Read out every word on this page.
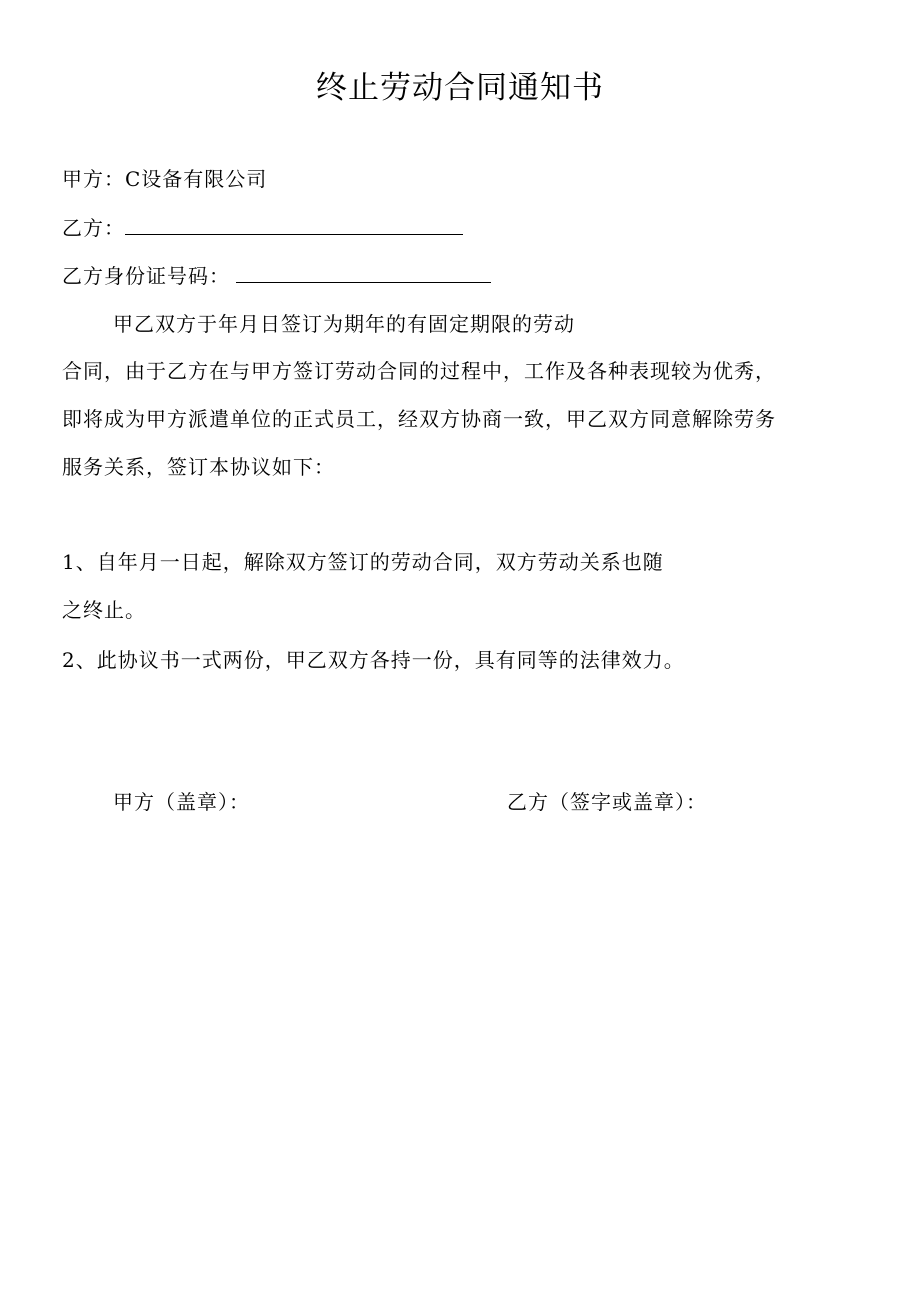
终止劳动合同通知书
甲方：C设备有限公司
乙方：
乙方身份证号码：
甲乙双方于年月日签订为期年的有固定期限的劳动
合同，由于乙方在与甲方签订劳动合同的过程中，工作及各种表现较为优秀，
即将成为甲方派遣单位的正式员工，经双方协商一致，甲乙双方同意解除劳务
服务关系，签订本协议如下：
1、自年月一日起，解除双方签订的劳动合同，双方劳动关系也随
之终止。
2、此协议书一式两份，甲乙双方各持一份，具有同等的法律效力。
甲方（盖章）：	乙方（签字或盖章）：
